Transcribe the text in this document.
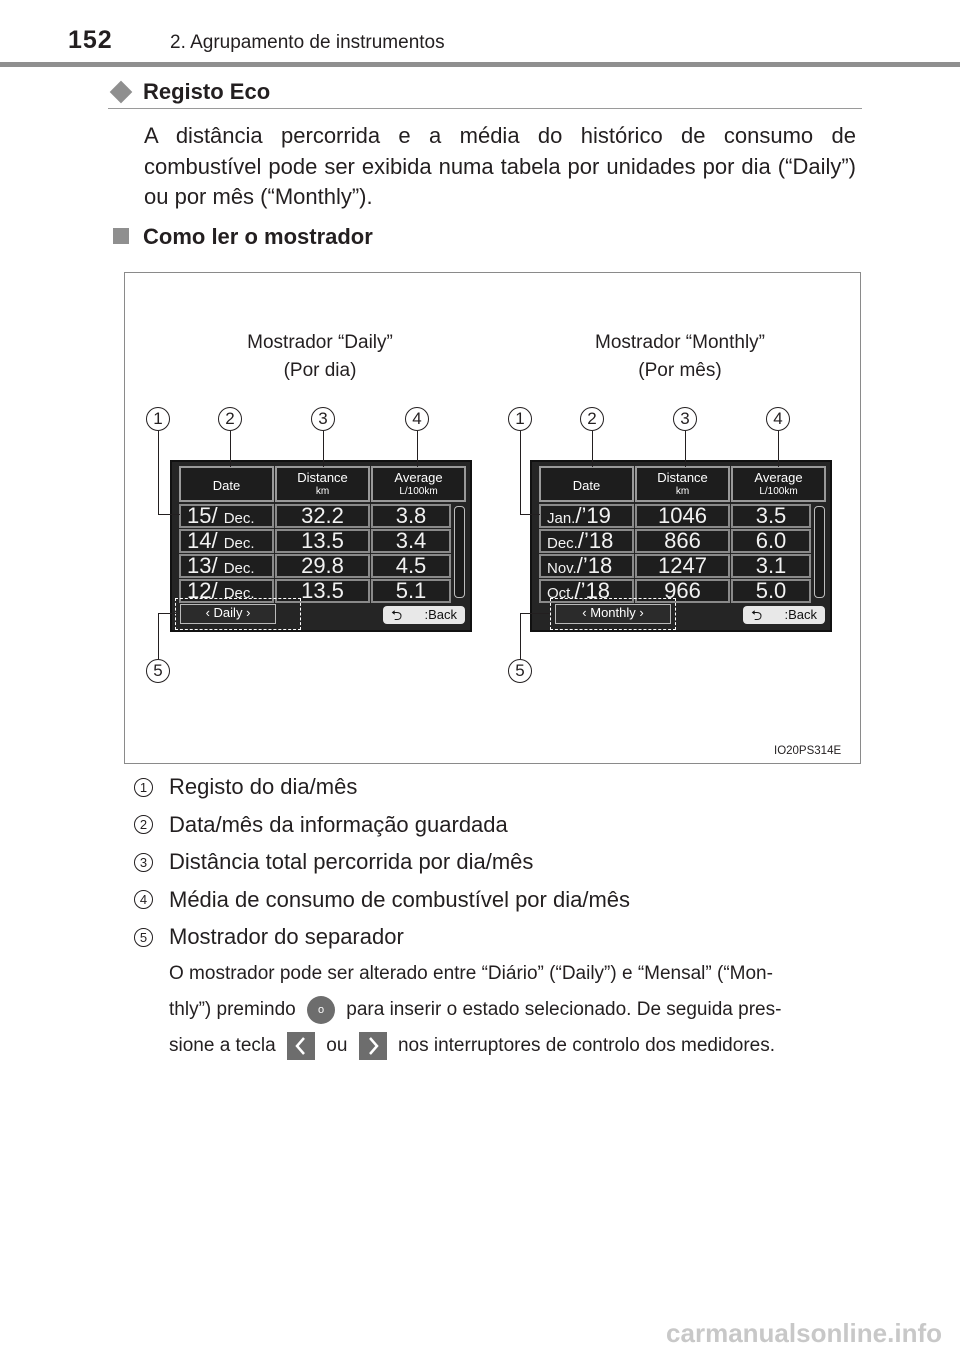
152	2. Agrupamento de instrumentos
Registo Eco
A distância percorrida e a média do histórico de consumo de combustível pode ser exibida numa tabela por unidades por dia (“Daily”) ou por mês (“Monthly”).
Como ler o mostrador
Mostrador “Daily”
(Por dia)
Mostrador “Monthly”
(Por mês)
Date
Distance
km
Average
L/100km
15/ Dec.	32.2	3.8
14/ Dec.	13.5	3.4
13/ Dec.	29.8	4.5
12/ Dec.	13.5	5.1
‹ Daily ›	⮌ :Back
Date
Distance
km
Average
L/100km
Jan./’19	1046	3.5
Dec./’18	866	6.0
Nov./’18	1247	3.1
Oct./’18	966	5.0
‹ Monthly ›	⮌ :Back
1	2	3	4
5
1	2	3	4
5
IO20PS314E
1 Registo do dia/mês
2 Data/mês da informação guardada
3 Distância total percorrida por dia/mês
4 Média de consumo de combustível por dia/mês
5 Mostrador do separador
O mostrador pode ser alterado entre “Diário” (“Daily”) e “Mensal” (“Mon-
thly”) premindo o para inserir o estado selecionado. De seguida pres-
sione a tecla	ou	nos interruptores de controlo dos medidores.
carmanualsonline.info
